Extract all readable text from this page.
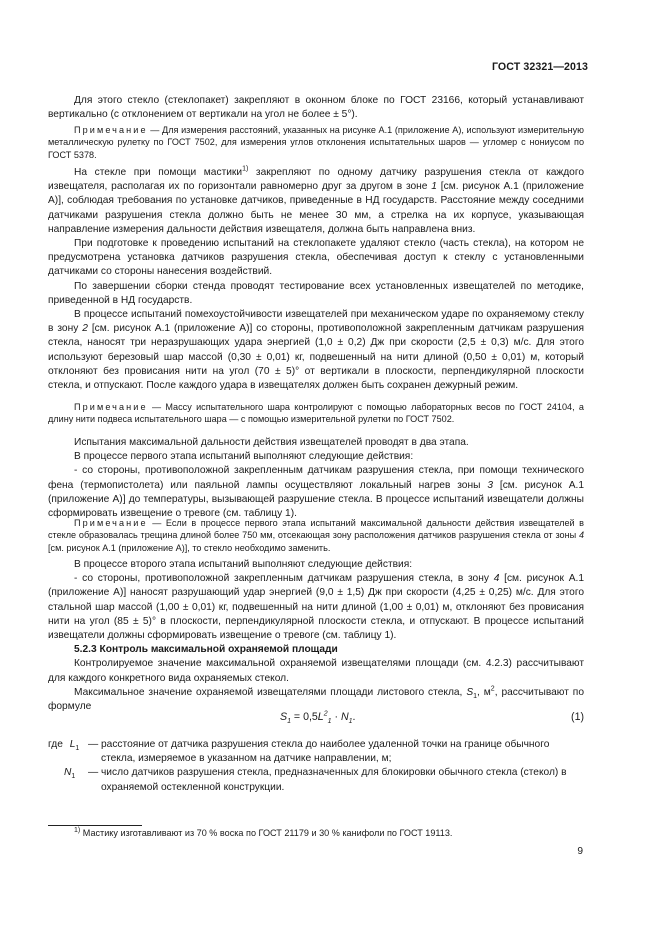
ГОСТ 32321—2013

Для этого стекло (стеклопакет) закрепляют в оконном блоке по ГОСТ 23166, который устанавливают вертикально (с отклонением от вертикали на угол не более ± 5°).

Примечание — Для измерения расстояний, указанных на рисунке А.1 (приложение А), используют измерительную металлическую рулетку по ГОСТ 7502, для измерения углов отклонения испытательных шаров — угломер с нониусом по ГОСТ 5378.

На стекле при помощи мастики$^{1)}$ закрепляют по одному датчику разрушения стекла от каждого извещателя, располагая их по горизонтали равномерно друг за другом в зоне 1 [см. рисунок А.1 (приложение А)], соблюдая требования по установке датчиков, приведенные в НД государств. Расстояние между соседними датчиками разрушения стекла должно быть не менее 30 мм, а стрелка на их корпусе, указывающая направление измерения дальности действия извещателя, должна быть направлена вниз.

При подготовке к проведению испытаний на стеклопакете удаляют стекло (часть стекла), на котором не предусмотрена установка датчиков разрушения стекла, обеспечивая доступ к стеклу с установленными датчиками со стороны нанесения воздействий.

По завершении сборки стенда проводят тестирование всех установленных извещателей по методике, приведенной в НД государств.

В процессе испытаний помехоустойчивости извещателей при механическом ударе по охраняемому стеклу в зону 2 [см. рисунок А.1 (приложение А)] со стороны, противоположной закрепленным датчикам разрушения стекла, наносят три неразрушающих удара энергией (1,0 ± 0,2) Дж при скорости (2,5 ± 0,3) м/с. Для этого используют березовый шар массой (0,30 ± 0,01) кг, подвешенный на нити длиной (0,50 ± 0,01) м, который отклоняют без провисания нити на угол (70 ± 5)° от вертикали в плоскости, перпендикулярной плоскости стекла, и отпускают. После каждого удара в извещателях должен быть сохранен дежурный режим.

Примечание — Массу испытательного шара контролируют с помощью лабораторных весов по ГОСТ 24104, а длину нити подвеса испытательного шара — с помощью измерительной рулетки по ГОСТ 7502.

Испытания максимальной дальности действия извещателей проводят в два этапа.

В процессе первого этапа испытаний выполняют следующие действия:

- со стороны, противоположной закрепленным датчикам разрушения стекла, при помощи технического фена (термопистолета) или паяльной лампы осуществляют локальный нагрев зоны 3 [см. рисунок А.1 (приложение А)] до температуры, вызывающей разрушение стекла. В процессе испытаний извещатели должны сформировать извещение о тревоге (см. таблицу 1).

Примечание — Если в процессе первого этапа испытаний максимальной дальности действия извещателей в стекле образовалась трещина длиной более 750 мм, отсекающая зону расположения датчиков разрушения стекла от зоны 4 [см. рисунок А.1 (приложение А)], то стекло необходимо заменить.

В процессе второго этапа испытаний выполняют следующие действия:

- со стороны, противоположной закрепленным датчикам разрушения стекла, в зону 4 [см. рисунок А.1 (приложение А)] наносят разрушающий удар энергией (9,0 ± 1,5) Дж при скорости (4,25 ± 0,25) м/с. Для этого стальной шар массой (1,00 ± 0,01) кг, подвешенный на нити длиной (1,00 ± 0,01) м, отклоняют без провисания нити на угол (85 ± 5)° в плоскости, перпендикулярной плоскости стекла, и отпускают. В процессе испытаний извещатели должны сформировать извещение о тревоге (см. таблицу 1).

5.2.3 Контроль максимальной охраняемой площади

Контролируемое значение максимальной охраняемой извещателями площади (см. 4.2.3) рассчитывают для каждого конкретного вида охраняемых стекол.

Максимальное значение охраняемой извещателями площади листового стекла, $S_1$, $м^2$, рассчитывают по формуле

$S_1 = 0,5L^2_1 \cdot N_1$.	(1)
где $L_1$ — расстояние от датчика разрушения стекла до наиболее удаленной точки на границе обычного стекла, измеряемое в указанном на датчике направлении, м;
$N_1$	— число датчиков разрушения стекла, предназначенных для блокировки обычного стекла (стекол) в охраняемой остекленной конструкции.
$^{1)}$ Мастику изготавливают из 70 % воска по ГОСТ 21179 и 30 % канифоли по ГОСТ 19113.
9
